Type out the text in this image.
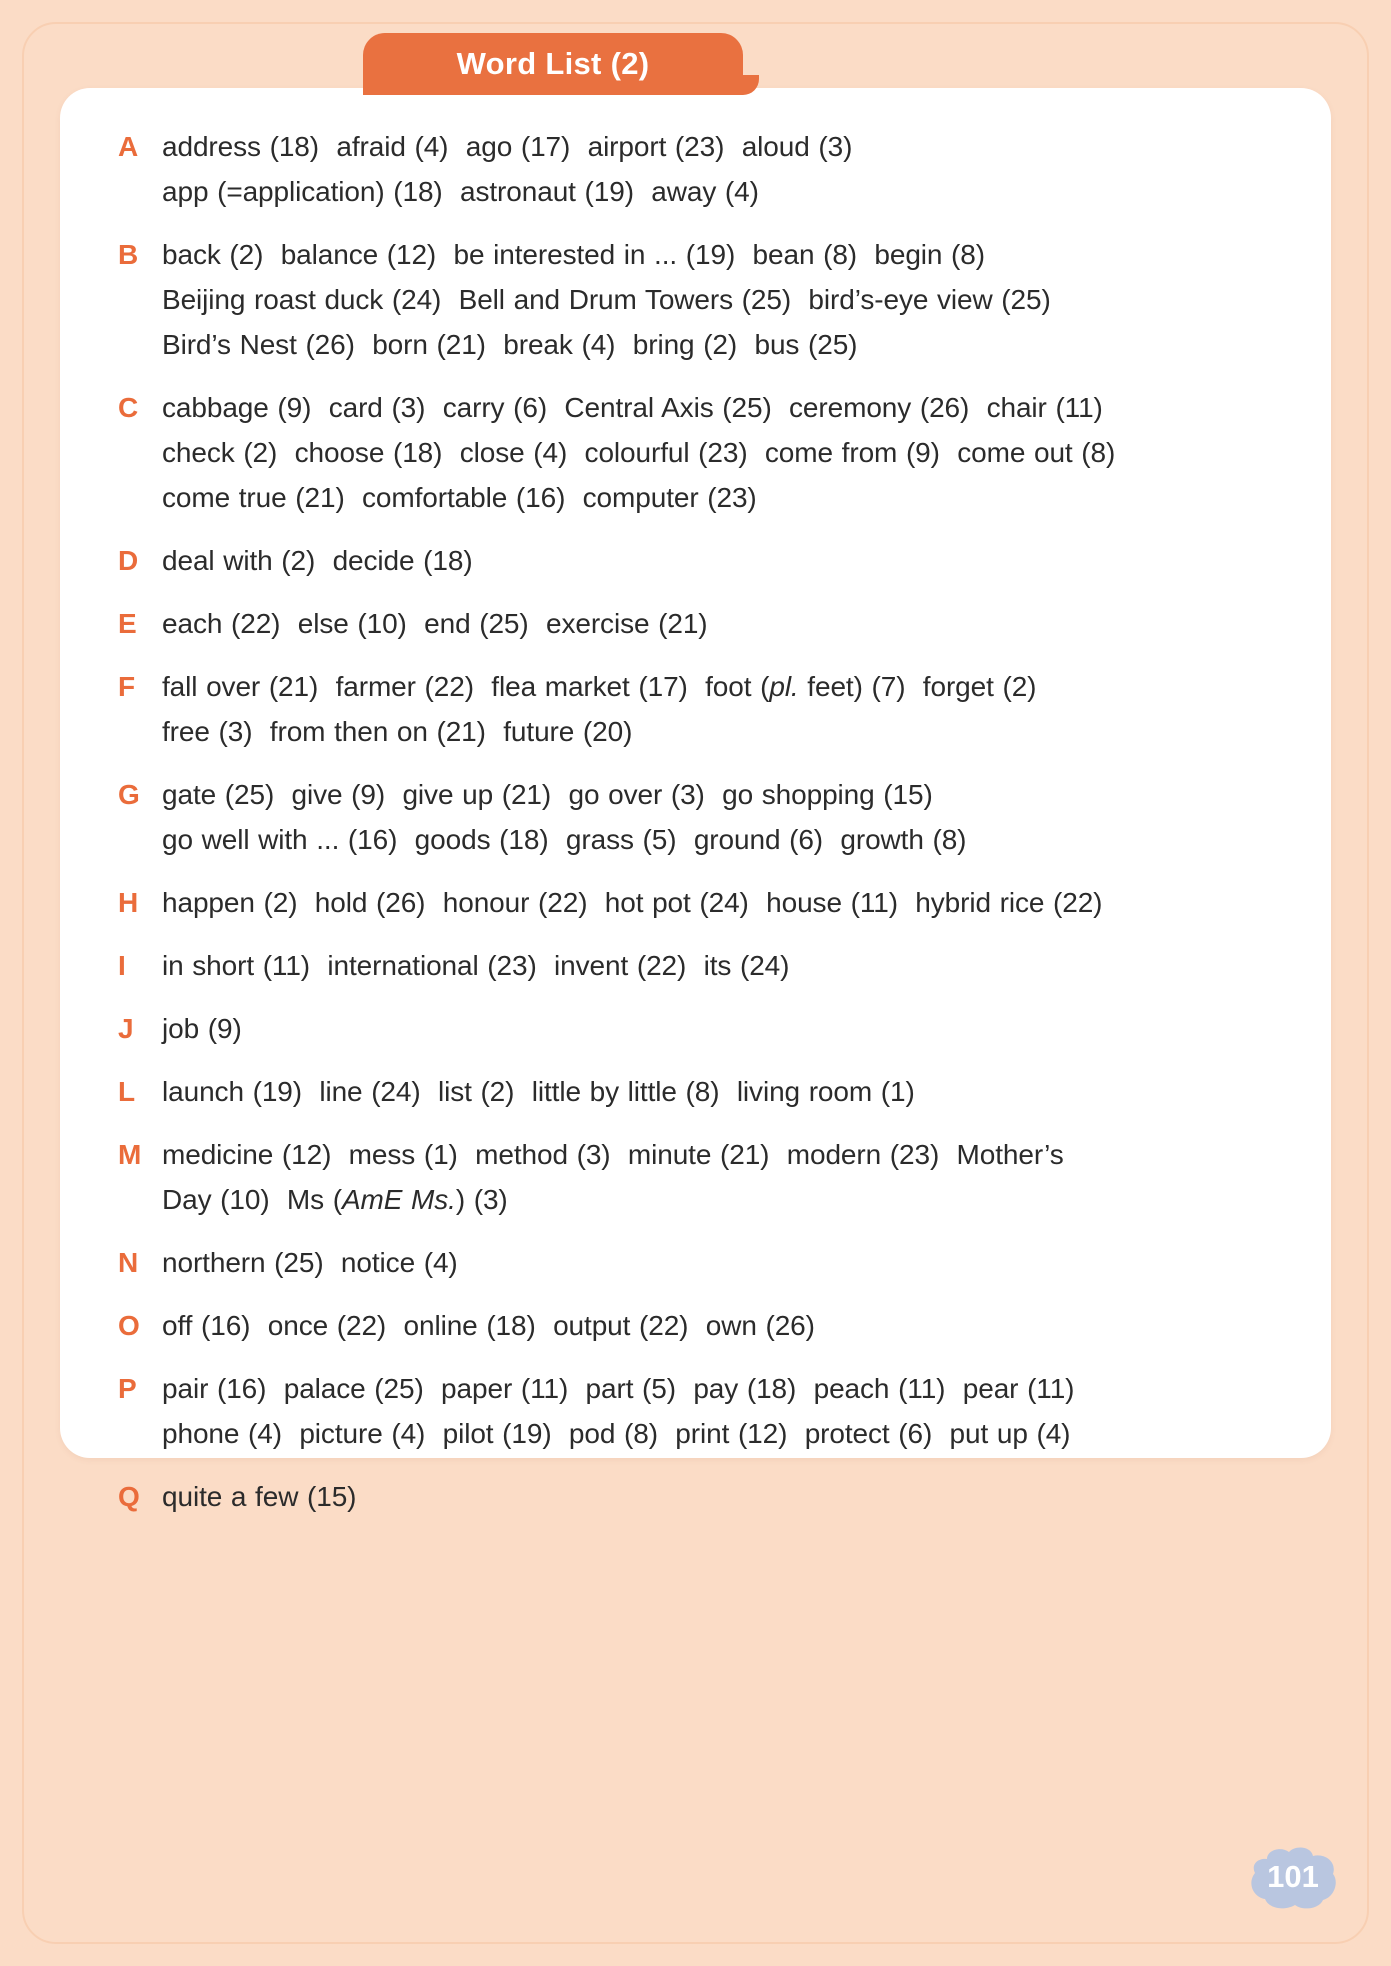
Word List (2)
A address (18)  afraid (4)  ago (17)  airport (23)  aloud (3)
app (=application) (18)  astronaut (19)  away (4)
B back (2)  balance (12)  be interested in ... (19)  bean (8)  begin (8)
Beijing roast duck (24)  Bell and Drum Towers (25)  bird’s-eye view (25)
Bird’s Nest (26)  born (21)  break (4)  bring (2)  bus (25)
C cabbage (9)  card (3)  carry (6)  Central Axis (25)  ceremony (26)  chair (11)
check (2)  choose (18)  close (4)  colourful (23)  come from (9)  come out (8)
come true (21)  comfortable (16)  computer (23)
D deal with (2)  decide (18)
E each (22)  else (10)  end (25)  exercise (21)
F fall over (21)  farmer (22)  flea market (17)  foot (pl. feet) (7)  forget (2)
free (3)  from then on (21)  future (20)
G gate (25)  give (9)  give up (21)  go over (3)  go shopping (15)
go well with ... (16)  goods (18)  grass (5)  ground (6)  growth (8)
H happen (2)  hold (26)  honour (22)  hot pot (24)  house (11)  hybrid rice (22)
I	in short (11)  international (23)  invent (22)  its (24)
J	job (9)
L launch (19)  line (24)  list (2)  little by little (8)  living room (1)
M medicine (12)  mess (1)  method (3)  minute (21)  modern (23)  Mother’s
Day (10)  Ms (AmE Ms.) (3)
N northern (25)  notice (4)
O off (16)  once (22)  online (18)  output (22)  own (26)
P pair (16)  palace (25)  paper (11)  part (5)  pay (18)  peach (11)  pear (11)
phone (4)  picture (4)  pilot (19)  pod (8)  print (12)  protect (6)  put up (4)
Q quite a few (15)
101
